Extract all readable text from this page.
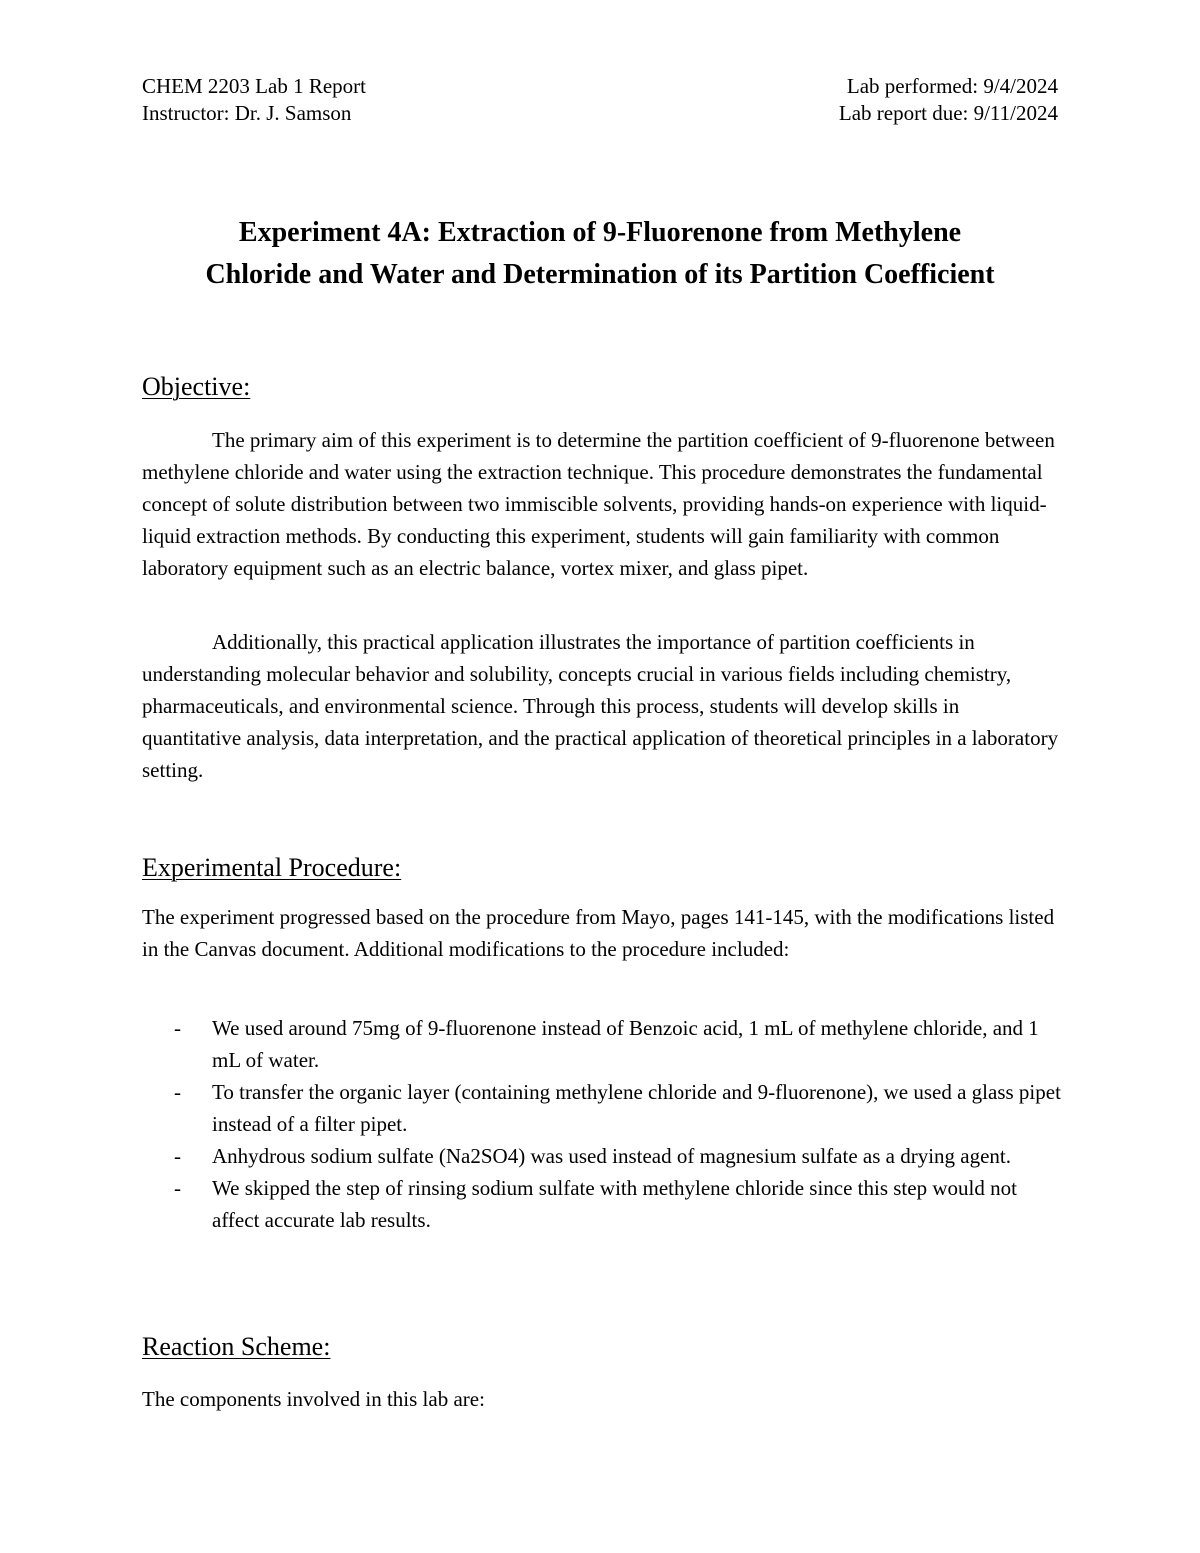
CHEM 2203 Lab 1 Report
Instructor: Dr. J. Samson
Lab performed: 9/4/2024
Lab report due: 9/11/2024
Experiment 4A: Extraction of 9-Fluorenone from Methylene
Chloride and Water and Determination of its Partition Coefficient
Objective:

The primary aim of this experiment is to determine the partition coefficient of 9-fluorenone between methylene chloride and water using the extraction technique. This procedure demonstrates the fundamental concept of solute distribution between two immiscible solvents, providing hands-on experience with liquid-liquid extraction methods. By conducting this experiment, students will gain familiarity with common laboratory equipment such as an electric balance, vortex mixer, and glass pipet.

Additionally, this practical application illustrates the importance of partition coefficients in understanding molecular behavior and solubility, concepts crucial in various fields including chemistry, pharmaceuticals, and environmental science. Through this process, students will develop skills in quantitative analysis, data interpretation, and the practical application of theoretical principles in a laboratory setting.

Experimental Procedure:

The experiment progressed based on the procedure from Mayo, pages 141-145, with the modifications listed in the Canvas document. Additional modifications to the procedure included:

- We used around 75mg of 9-fluorenone instead of Benzoic acid, 1 mL of methylene chloride, and 1 mL of water.
- To transfer the organic layer (containing methylene chloride and 9-fluorenone), we used a glass pipet instead of a filter pipet.
- Anhydrous sodium sulfate (Na2SO4) was used instead of magnesium sulfate as a drying agent.
- We skipped the step of rinsing sodium sulfate with methylene chloride since this step would not affect accurate lab results.
Reaction Scheme:

The components involved in this lab are:
